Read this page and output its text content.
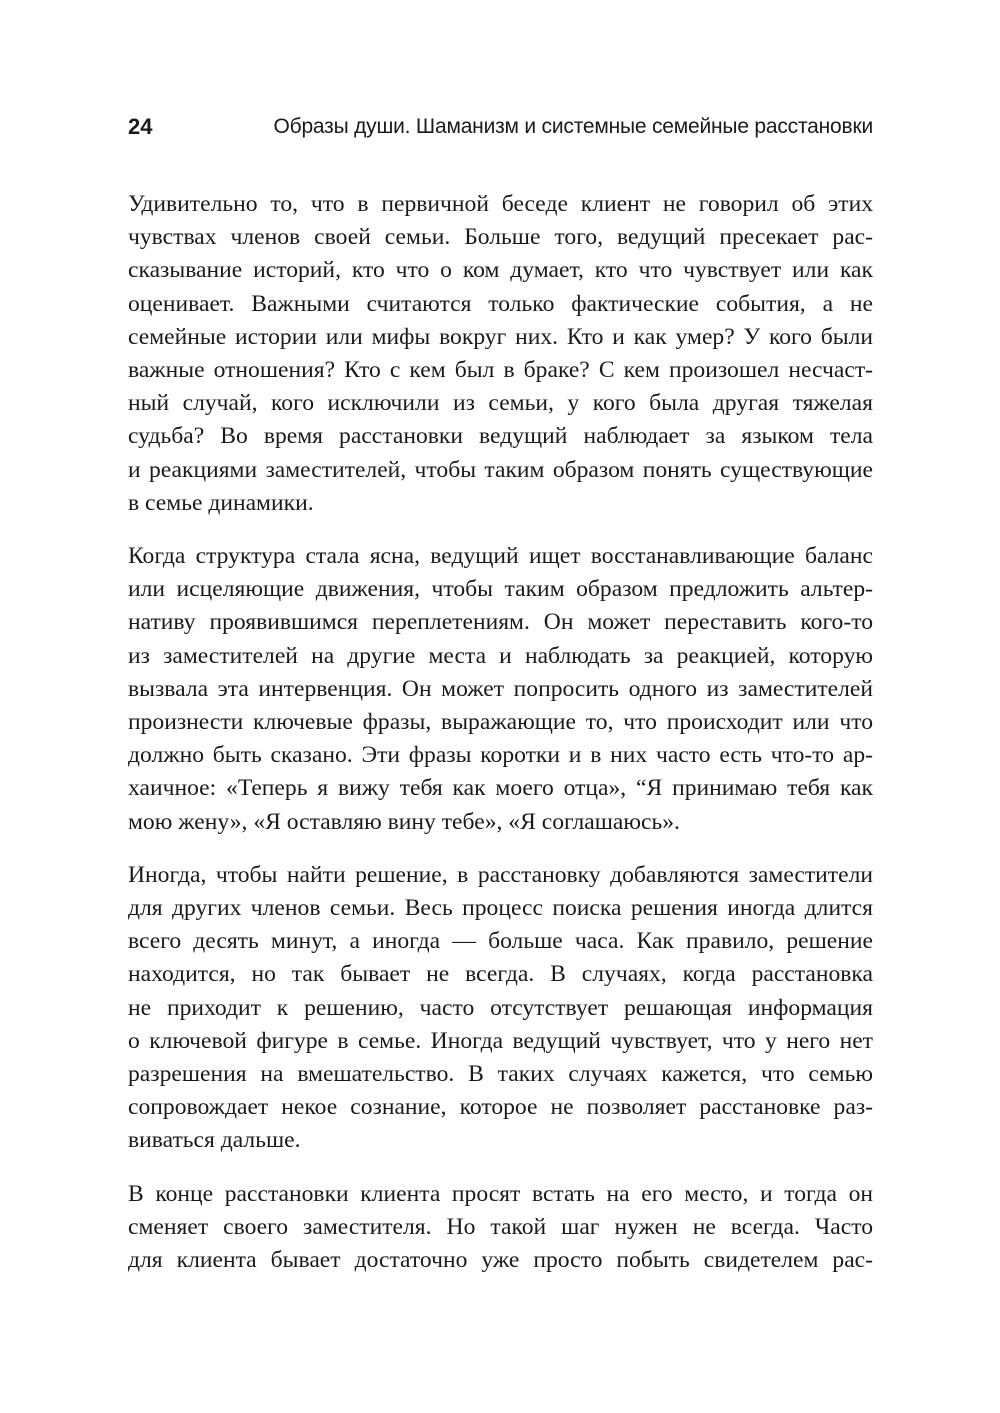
24	Образы души. Шаманизм и системные семейные расстановки

Удивительно то, что в первичной беседе клиент не говорил об этих
чувствах членов своей семьи. Больше того, ведущий пресекает рас-
сказывание историй, кто что о ком думает, кто что чувствует или как
оценивает. Важными считаются только фактические события, а не
семейные истории или мифы вокруг них. Кто и как умер? У кого были
важные отношения? Кто с кем был в браке? С кем произошел несчаст-
ный случай, кого исключили из семьи, у кого была другая тяжелая
судьба? Во время расстановки ведущий наблюдает за языком тела
и реакциями заместителей, чтобы таким образом понять существующие
в семье динамики.

Когда структура стала ясна, ведущий ищет восстанавливающие баланс
или исцеляющие движения, чтобы таким образом предложить альтер-
нативу проявившимся переплетениям. Он может переставить кого-то
из заместителей на другие места и наблюдать за реакцией, которую
вызвала эта интервенция. Он может попросить одного из заместителей
произнести ключевые фразы, выражающие то, что происходит или что
должно быть сказано. Эти фразы коротки и в них часто есть что-то ар-
хаичное: «Теперь я вижу тебя как моего отца», “Я принимаю тебя как
мою жену», «Я оставляю вину тебе», «Я соглашаюсь».

Иногда, чтобы найти решение, в расстановку добавляются заместители
для других членов семьи. Весь процесс поиска решения иногда длится
всего десять минут, а иногда — больше часа. Как правило, решение
находится, но так бывает не всегда. В случаях, когда расстановка
не приходит к решению, часто отсутствует решающая информация
о ключевой фигуре в семье. Иногда ведущий чувствует, что у него нет
разрешения на вмешательство. В таких случаях кажется, что семью
сопровождает некое сознание, которое не позволяет расстановке раз-
виваться дальше.

В конце расстановки клиента просят встать на его место, и тогда он
сменяет своего заместителя. Но такой шаг нужен не всегда. Часто
для клиента бывает достаточно уже просто побыть свидетелем рас-
